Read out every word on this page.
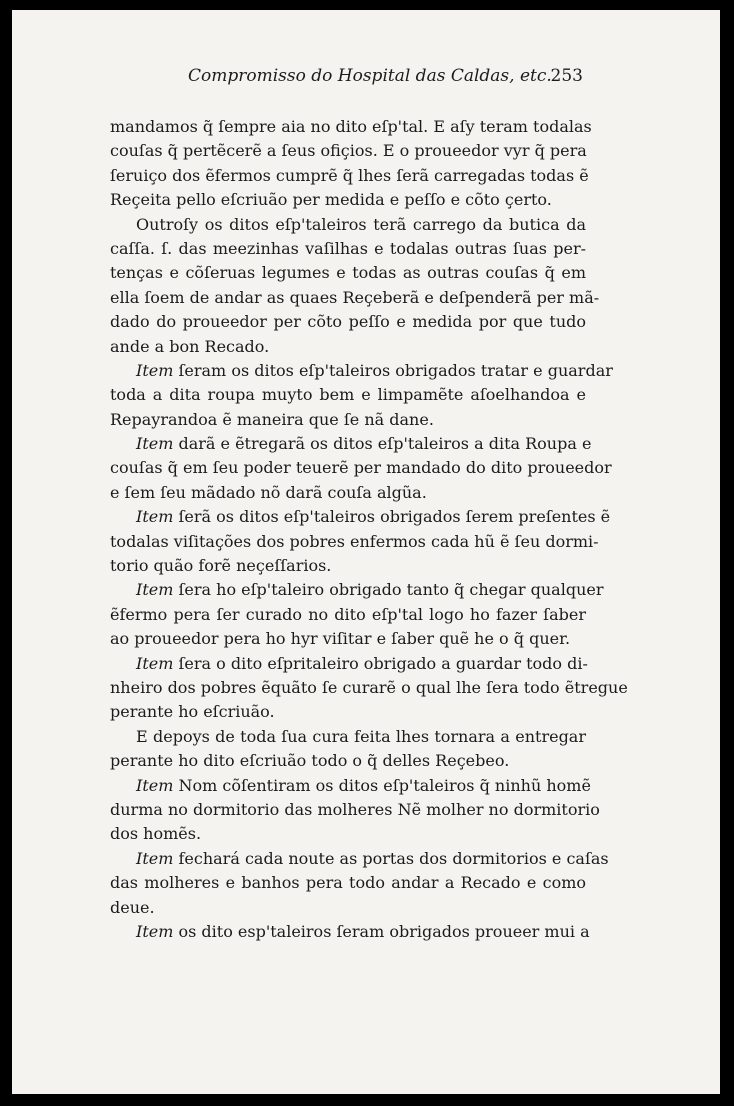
Compromisso do Hospital das Caldas, etc.
253
mandamos q̃ ſempre aia no dito eſp'tal. E aſy teram todalas
couſas q̃ pertẽcerẽ a ſeus ofiçios. E o proueedor vyr q̃ pera
ſeruiço dos ẽfermos cumprẽ q̃ lhes ſerã carregadas todas ẽ
Reçeita pello eſcriuão per medida e peſſo e cõto çerto.
Outroſy os ditos eſp'taleiros terã carrego da butica da
caſſa. ſ. das meezinhas vaſilhas e todalas outras ſuas per-
tenças e cõſeruas legumes e todas as outras couſas q̃ em
ella ſoem de andar as quaes Reçeberã e deſpenderã per mã-
dado do proueedor per cõto peſſo e medida por que tudo
ande a bon Recado.
Item ſeram os ditos eſp'taleiros obrigados tratar e guardar
toda a dita roupa muyto bem e limpamẽte aſoelhandoa e
Repayrandoa ẽ maneira que ſe nã dane.
Item darã e ẽtregarã os ditos eſp'taleiros a dita Roupa e
couſas q̃ em ſeu poder teuerẽ per mandado do dito proueedor
e ſem ſeu mãdado nõ darã couſa algũa.
Item ſerã os ditos eſp'taleiros obrigados ſerem preſentes ẽ
todalas viſitações dos pobres enfermos cada hũ ẽ ſeu dormi-
torio quão forẽ neçeſſarios.
Item ſera ho eſp'taleiro obrigado tanto q̃ chegar qualquer
ẽfermo pera ſer curado no dito eſp'tal logo ho fazer ſaber
ao proueedor pera ho hyr viſitar e ſaber quẽ he o q̃ quer.
Item ſera o dito eſpritaleiro obrigado a guardar todo di-
nheiro dos pobres ẽquãto ſe curarẽ o qual lhe ſera todo ẽtregue
perante ho eſcriuão.
E depoys de toda ſua cura feita lhes tornara a entregar
perante ho dito eſcriuão todo o q̃ delles Reçebeo.
Item Nom cõſentiram os ditos eſp'taleiros q̃ ninhũ homẽ
durma no dormitorio das molheres Nẽ molher no dormitorio
dos homẽs.
Item fechará cada noute as portas dos dormitorios e caſas
das molheres e banhos pera todo andar a Recado e como
deue.
Item os dito esp'taleiros ſeram obrigados proueer mui a
